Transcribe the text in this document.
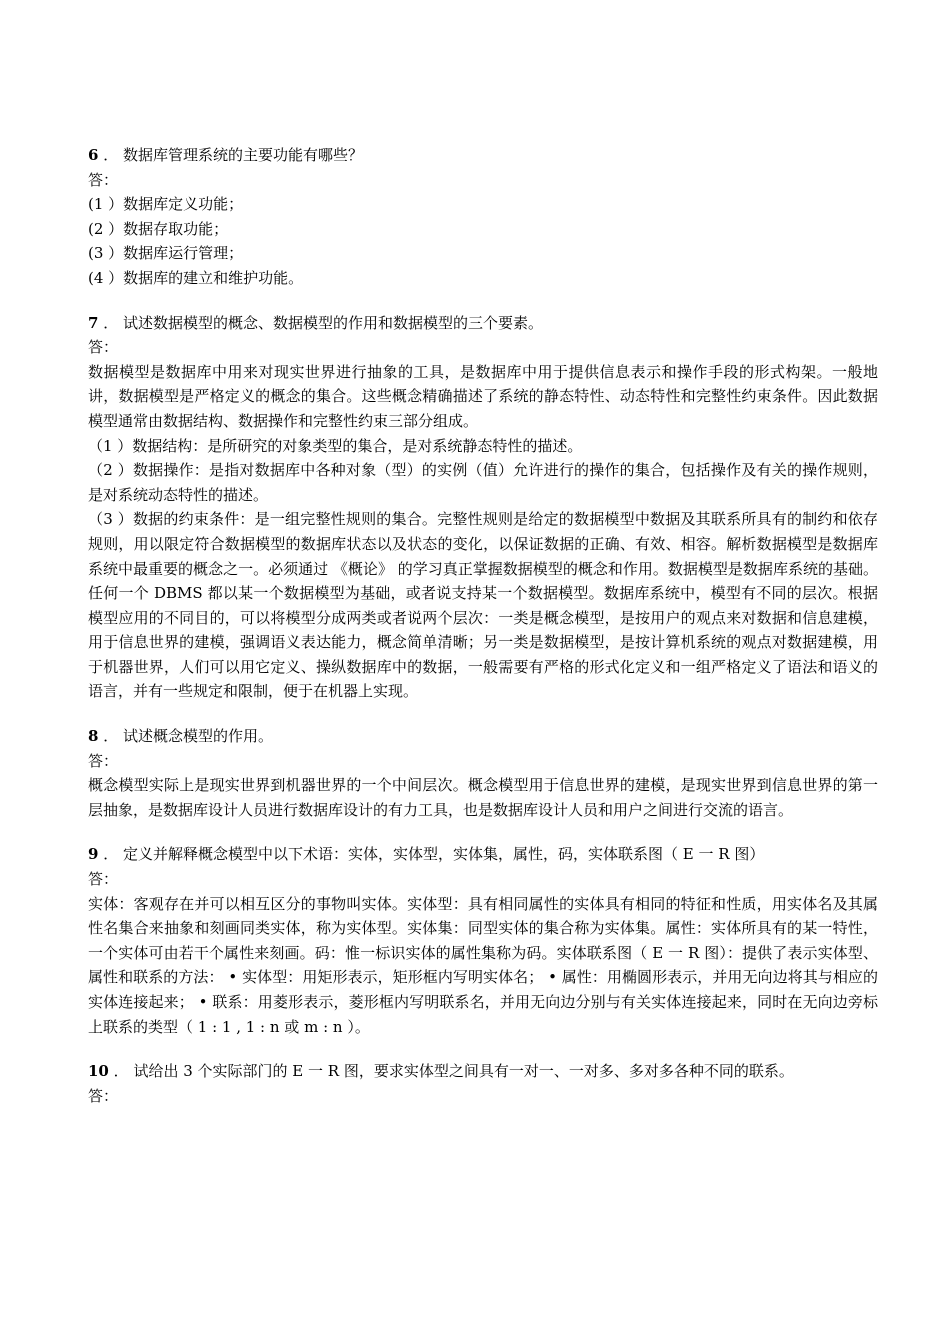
6 ． 数据库管理系统的主要功能有哪些？
答：
(1 ）数据库定义功能；
(2 ）数据存取功能；
(3 ）数据库运行管理；
(4 ）数据库的建立和维护功能。
7 ． 试述数据模型的概念、数据模型的作用和数据模型的三个要素。
答：
数据模型是数据库中用来对现实世界进行抽象的工具，是数据库中用于提供信息表示和操作手段的形式构架。一般地讲，数据模型是严格定义的概念的集合。这些概念精确描述了系统的静态特性、动态特性和完整性约束条件。因此数据模型通常由数据结构、数据操作和完整性约束三部分组成。
（1 ）数据结构：是所研究的对象类型的集合，是对系统静态特性的描述。
（2 ）数据操作：是指对数据库中各种对象（型）的实例（值）允许进行的操作的集合，包括操作及有关的操作规则，是对系统动态特性的描述。
（3 ）数据的约束条件：是一组完整性规则的集合。完整性规则是给定的数据模型中数据及其联系所具有的制约和依存规则，用以限定符合数据模型的数据库状态以及状态的变化，以保证数据的正确、有效、相容。解析数据模型是数据库系统中最重要的概念之一。必须通过 《概论》 的学习真正掌握数据模型的概念和作用。数据模型是数据库系统的基础。任何一个 DBMS 都以某一个数据模型为基础，或者说支持某一个数据模型。数据库系统中，模型有不同的层次。根据模型应用的不同目的，可以将模型分成两类或者说两个层次：一类是概念模型，是按用户的观点来对数据和信息建模，用于信息世界的建模，强调语义表达能力，概念简单清晰；另一类是数据模型，是按计算机系统的观点对数据建模，用于机器世界，人们可以用它定义、操纵数据库中的数据，一般需要有严格的形式化定义和一组严格定义了语法和语义的语言，并有一些规定和限制，便于在机器上实现。
8 ． 试述概念模型的作用。
答：
概念模型实际上是现实世界到机器世界的一个中间层次。概念模型用于信息世界的建模，是现实世界到信息世界的第一层抽象，是数据库设计人员进行数据库设计的有力工具，也是数据库设计人员和用户之间进行交流的语言。
9 ． 定义并解释概念模型中以下术语：实体，实体型，实体集，属性，码，实体联系图（ E 一 R 图）
答：
实体：客观存在并可以相互区分的事物叫实体。实体型：具有相同属性的实体具有相同的特征和性质，用实体名及其属性名集合来抽象和刻画同类实体，称为实体型。实体集：同型实体的集合称为实体集。属性：实体所具有的某一特性，一个实体可由若干个属性来刻画。码：惟一标识实体的属性集称为码。实体联系图（ E 一 R 图）：提供了表示实体型、属性和联系的方法： • 实体型：用矩形表示，矩形框内写明实体名； • 属性：用椭圆形表示，并用无向边将其与相应的实体连接起来； • 联系：用菱形表示，菱形框内写明联系名，并用无向边分别与有关实体连接起来，同时在无向边旁标上联系的类型（ 1 : 1 , 1 : n 或 m : n ）。
10 ． 试给出 3 个实际部门的 E 一 R 图，要求实体型之间具有一对一、一对多、多对多各种不同的联系。
答：
